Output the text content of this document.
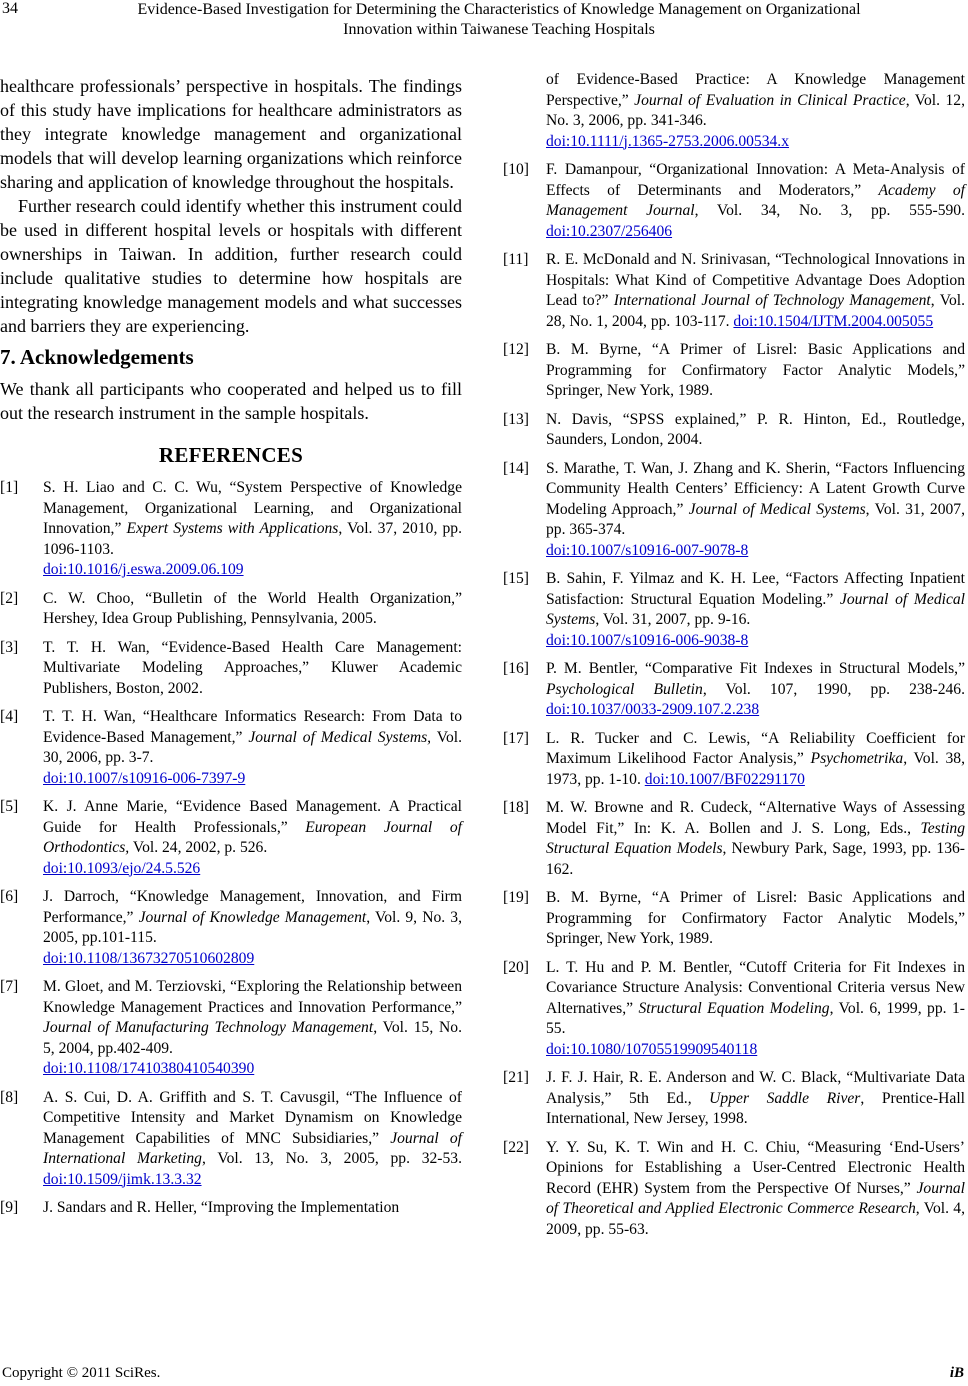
34	Evidence-Based Investigation for Determining the Characteristics of Knowledge Management on Organizational
Innovation within Taiwanese Teaching Hospitals

healthcare professionals’ perspective in hospitals. The findings of this study have implications for healthcare administrators as they integrate knowledge management and organizational models that will develop learning organizations which reinforce sharing and application of knowledge throughout the hospitals.

Further research could identify whether this instrument could be used in different hospital levels or hospitals with different ownerships in Taiwan. In addition, further research could include qualitative studies to determine how hospitals are integrating knowledge management models and what successes and barriers they are experiencing.

7. Acknowledgements

We thank all participants who cooperated and helped us to fill out the research instrument in the sample hospitals.

REFERENCES
[1] S. H. Liao and C. C. Wu, “System Perspective of Knowledge Management, Organizational Learning, and Organizational Innovation,” Expert Systems with Applications, Vol. 37, 2010, pp. 1096-1103.
doi:10.1016/j.eswa.2009.06.109
[2] C. W. Choo, “Bulletin of the World Health Organization,” Hershey, Idea Group Publishing, Pennsylvania, 2005.
[3] T. T. H. Wan, “Evidence-Based Health Care Management: Multivariate Modeling Approaches,” Kluwer Academic Publishers, Boston, 2002.
[4] T. T. H. Wan, “Healthcare Informatics Research: From Data to Evidence-Based Management,” Journal of Medical Systems, Vol. 30, 2006, pp. 3-7.
doi:10.1007/s10916-006-7397-9
[5] K. J. Anne Marie, “Evidence Based Management. A Practical Guide for Health Professionals,” European Journal of Orthodontics, Vol. 24, 2002, p. 526.
doi:10.1093/ejo/24.5.526
[6] J. Darroch, “Knowledge Management, Innovation, and Firm Performance,” Journal of Knowledge Management, Vol. 9, No. 3, 2005, pp.101-115.
doi:10.1108/13673270510602809
[7] M. Gloet, and M. Terziovski, “Exploring the Relationship between Knowledge Management Practices and Innovation Performance,” Journal of Manufacturing Technology Management, Vol. 15, No. 5, 2004, pp.402-409.
doi:10.1108/17410380410540390
[8] A. S. Cui, D. A. Griffith and S. T. Cavusgil, “The Influence of Competitive Intensity and Market Dynamism on Knowledge Management Capabilities of MNC Subsidiaries,” Journal of International Marketing, Vol. 13, No. 3, 2005, pp. 32-53. doi:10.1509/jimk.13.3.32
[9] J. Sandars and R. Heller, “Improving the Implementation
of Evidence-Based Practice: A Knowledge Management Perspective,” Journal of Evaluation in Clinical Practice, Vol. 12, No. 3, 2006, pp. 341-346.
doi:10.1111/j.1365-2753.2006.00534.x
[10] F. Damanpour, “Organizational Innovation: A Meta-Analysis of Effects of Determinants and Moderators,” Academy of Management Journal, Vol. 34, No. 3, pp. 555-590. doi:10.2307/256406
[11] R. E. McDonald and N. Srinivasan, “Technological Innovations in Hospitals: What Kind of Competitive Advantage Does Adoption Lead to?” International Journal of Technology Management, Vol. 28, No. 1, 2004, pp. 103-117. doi:10.1504/IJTM.2004.005055
[12] B. M. Byrne, “A Primer of Lisrel: Basic Applications and Programming for Confirmatory Factor Analytic Models,” Springer, New York, 1989.
[13] N. Davis, “SPSS explained,” P. R. Hinton, Ed., Routledge, Saunders, London, 2004.
[14] S. Marathe, T. Wan, J. Zhang and K. Sherin, “Factors Influencing Community Health Centers’ Efficiency: A Latent Growth Curve Modeling Approach,” Journal of Medical Systems, Vol. 31, 2007, pp. 365-374.
doi:10.1007/s10916-007-9078-8
[15] B. Sahin, F. Yilmaz and K. H. Lee, “Factors Affecting Inpatient Satisfaction: Structural Equation Modeling.” Journal of Medical Systems, Vol. 31, 2007, pp. 9-16.
doi:10.1007/s10916-006-9038-8
[16] P. M. Bentler, “Comparative Fit Indexes in Structural Models,” Psychological Bulletin, Vol. 107, 1990, pp. 238-246. doi:10.1037/0033-2909.107.2.238
[17] L. R. Tucker and C. Lewis, “A Reliability Coefficient for Maximum Likelihood Factor Analysis,” Psychometrika, Vol. 38, 1973, pp. 1-10. doi:10.1007/BF02291170
[18] M. W. Browne and R. Cudeck, “Alternative Ways of Assessing Model Fit,” In: K. A. Bollen and J. S. Long, Eds., Testing Structural Equation Models, Newbury Park, Sage, 1993, pp. 136-162.
[19] B. M. Byrne, “A Primer of Lisrel: Basic Applications and Programming for Confirmatory Factor Analytic Models,” Springer, New York, 1989.
[20] L. T. Hu and P. M. Bentler, “Cutoff Criteria for Fit Indexes in Covariance Structure Analysis: Conventional Criteria versus New Alternatives,” Structural Equation Modeling, Vol. 6, 1999, pp. 1-55.
doi:10.1080/10705519909540118
[21] J. F. J. Hair, R. E. Anderson and W. C. Black, “Multivariate Data Analysis,” 5th Ed., Upper Saddle River, Prentice-Hall International, New Jersey, 1998.
[22] Y. Y. Su, K. T. Win and H. C. Chiu, “Measuring ‘End-Users’ Opinions for Establishing a User-Centred Electronic Health Record (EHR) System from the Perspective Of Nurses,” Journal of Theoretical and Applied Electronic Commerce Research, Vol. 4, 2009, pp. 55-63.
Copyright © 2011 SciRes.	iB
